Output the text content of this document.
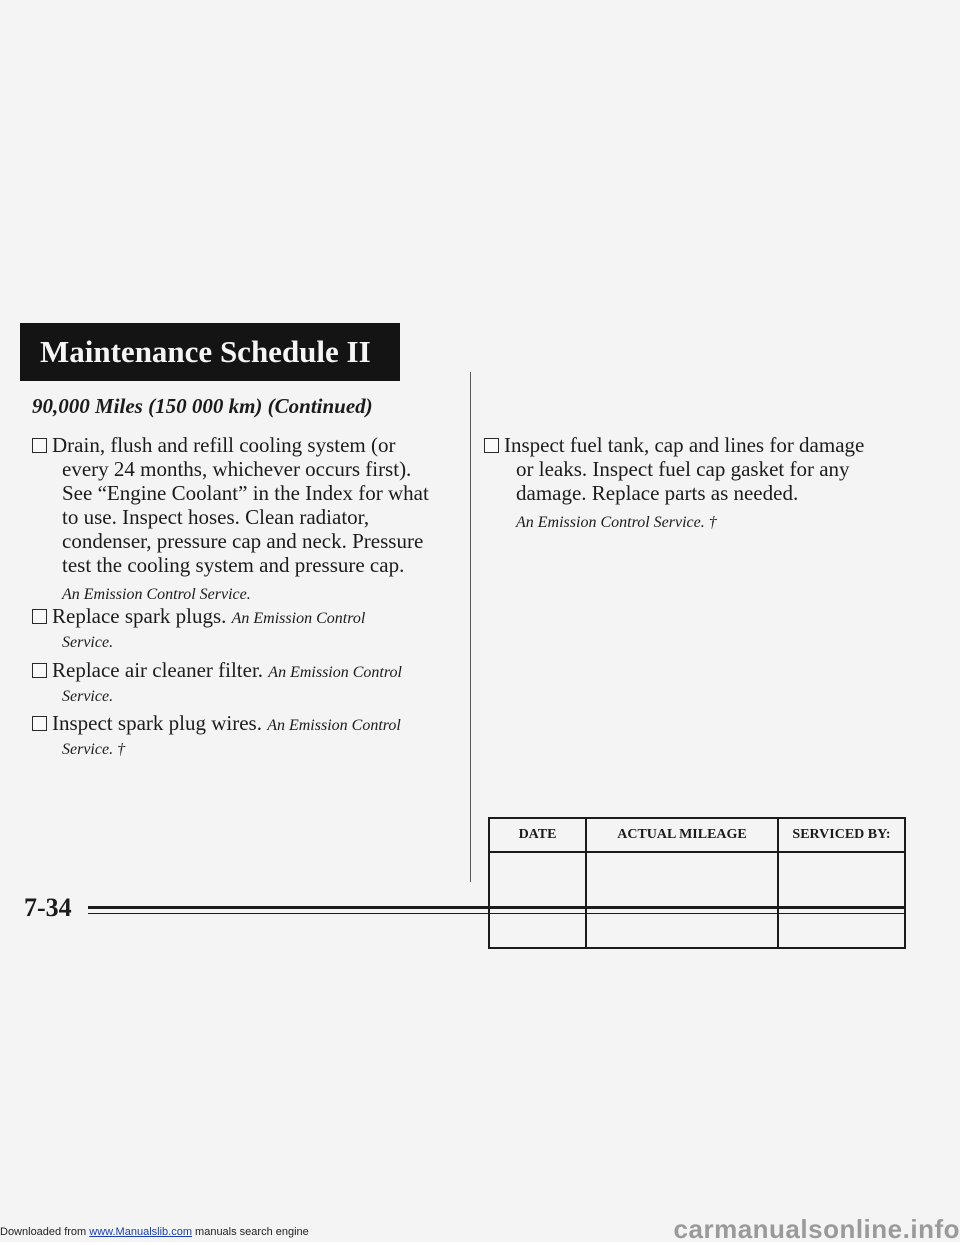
Maintenance Schedule II
90,000 Miles (150 000 km) (Continued)
Drain, flush and refill cooling system (or
every 24 months, whichever occurs first).
See “Engine Coolant” in the Index for what
to use. Inspect hoses. Clean radiator,
condenser, pressure cap and neck. Pressure
test the cooling system and pressure cap.
An Emission Control Service.
Replace spark plugs. An Emission Control
Service.
Replace air cleaner filter. An Emission Control
Service.
Inspect spark plug wires. An Emission Control
Service. †
Inspect fuel tank, cap and lines for damage
or leaks. Inspect fuel cap gasket for any
damage. Replace parts as needed.
An Emission Control Service. †
DATE	ACTUAL MILEAGE	SERVICED BY:

7-34
Downloaded from www.Manualslib.com manuals search engine	carmanualsonline.info
